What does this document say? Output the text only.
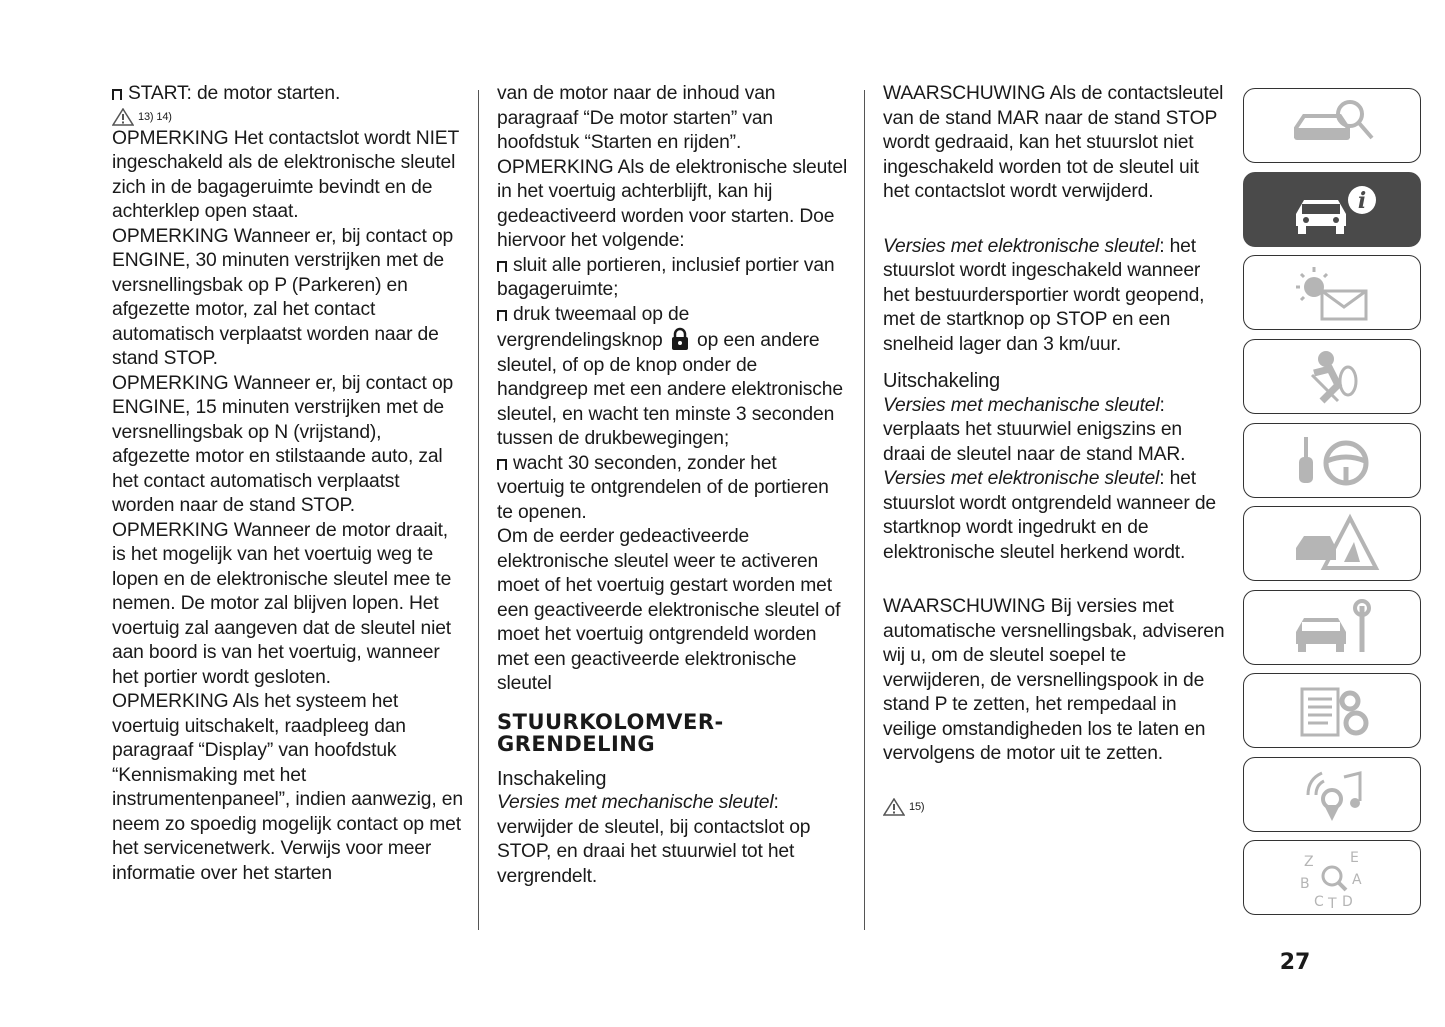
START: de motor starten.

13) 14)

OPMERKING Het contactslot wordt NIET ingeschakeld als de elektronische sleutel zich in de bagageruimte bevindt en de achterklep open staat.

OPMERKING Wanneer er, bij contact op ENGINE, 30 minuten verstrijken met de versnellingsbak op P (Parkeren) en afgezette motor, zal het contact automatisch verplaatst worden naar de stand STOP.

OPMERKING Wanneer er, bij contact op ENGINE, 15 minuten verstrijken met de versnellingsbak op N (vrijstand), afgezette motor en stilstaande auto, zal het contact automatisch verplaatst worden naar de stand STOP.

OPMERKING Wanneer de motor draait, is het mogelijk van het voertuig weg te lopen en de elektronische sleutel mee te nemen. De motor zal blijven lopen. Het voertuig zal aangeven dat de sleutel niet aan boord is van het voertuig, wanneer het portier wordt gesloten.

OPMERKING Als het systeem het voertuig uitschakelt, raadpleeg dan paragraaf “Display” van hoofdstuk “Kennismaking met het instrumentenpaneel”, indien aanwezig, en neem zo spoedig mogelijk contact op met het servicenetwerk. Verwijs voor meer informatie over het starten

van de motor naar de inhoud van paragraaf “De motor starten” van hoofdstuk “Starten en rijden”.

OPMERKING Als de elektronische sleutel in het voertuig achterblijft, kan hij gedeactiveerd worden voor starten. Doe hiervoor het volgende:

sluit alle portieren, inclusief portier van bagageruimte;

druk tweemaal op de vergrendelingsknop op een andere sleutel, of op de knop onder de handgreep met een andere elektronische sleutel, en wacht ten minste 3 seconden tussen de drukbewegingen;

wacht 30 seconden, zonder het voertuig te ontgrendelen of de portieren te openen.

Om de eerder gedeactiveerde elektronische sleutel weer te activeren moet of het voertuig gestart worden met een geactiveerde elektronische sleutel of moet het voertuig ontgrendeld worden met een geactiveerde elektronische sleutel

STUURKOLOMVER-
GRENDELING

Inschakeling

Versies met mechanische sleutel: verwijder de sleutel, bij contactslot op STOP, en draai het stuurwiel tot het vergrendelt.

WAARSCHUWING Als de contactsleutel van de stand MAR naar de stand STOP wordt gedraaid, kan het stuurslot niet ingeschakeld worden tot de sleutel uit het contactslot wordt verwijderd.

Versies met elektronische sleutel: het stuurslot wordt ingeschakeld wanneer het bestuurdersportier wordt geopend, met de startknop op STOP en een snelheid lager dan 3 km/uur.

Uitschakeling

Versies met mechanische sleutel: verplaats het stuurwiel enigszins en draai de sleutel naar de stand MAR.

Versies met elektronische sleutel: het stuurslot wordt ontgrendeld wanneer de startknop wordt ingedrukt en de elektronische sleutel herkend wordt.

WAARSCHUWING Bij versies met automatische versnellingsbak, adviseren wij u, om de sleutel soepel te verwijderen, de versnellingspook in de stand P te zetten, het rempedaal in veilige omstandigheden los te laten en vervolgens de motor uit te zetten.

15)
i
Z	E
B	A
C D
T
27
